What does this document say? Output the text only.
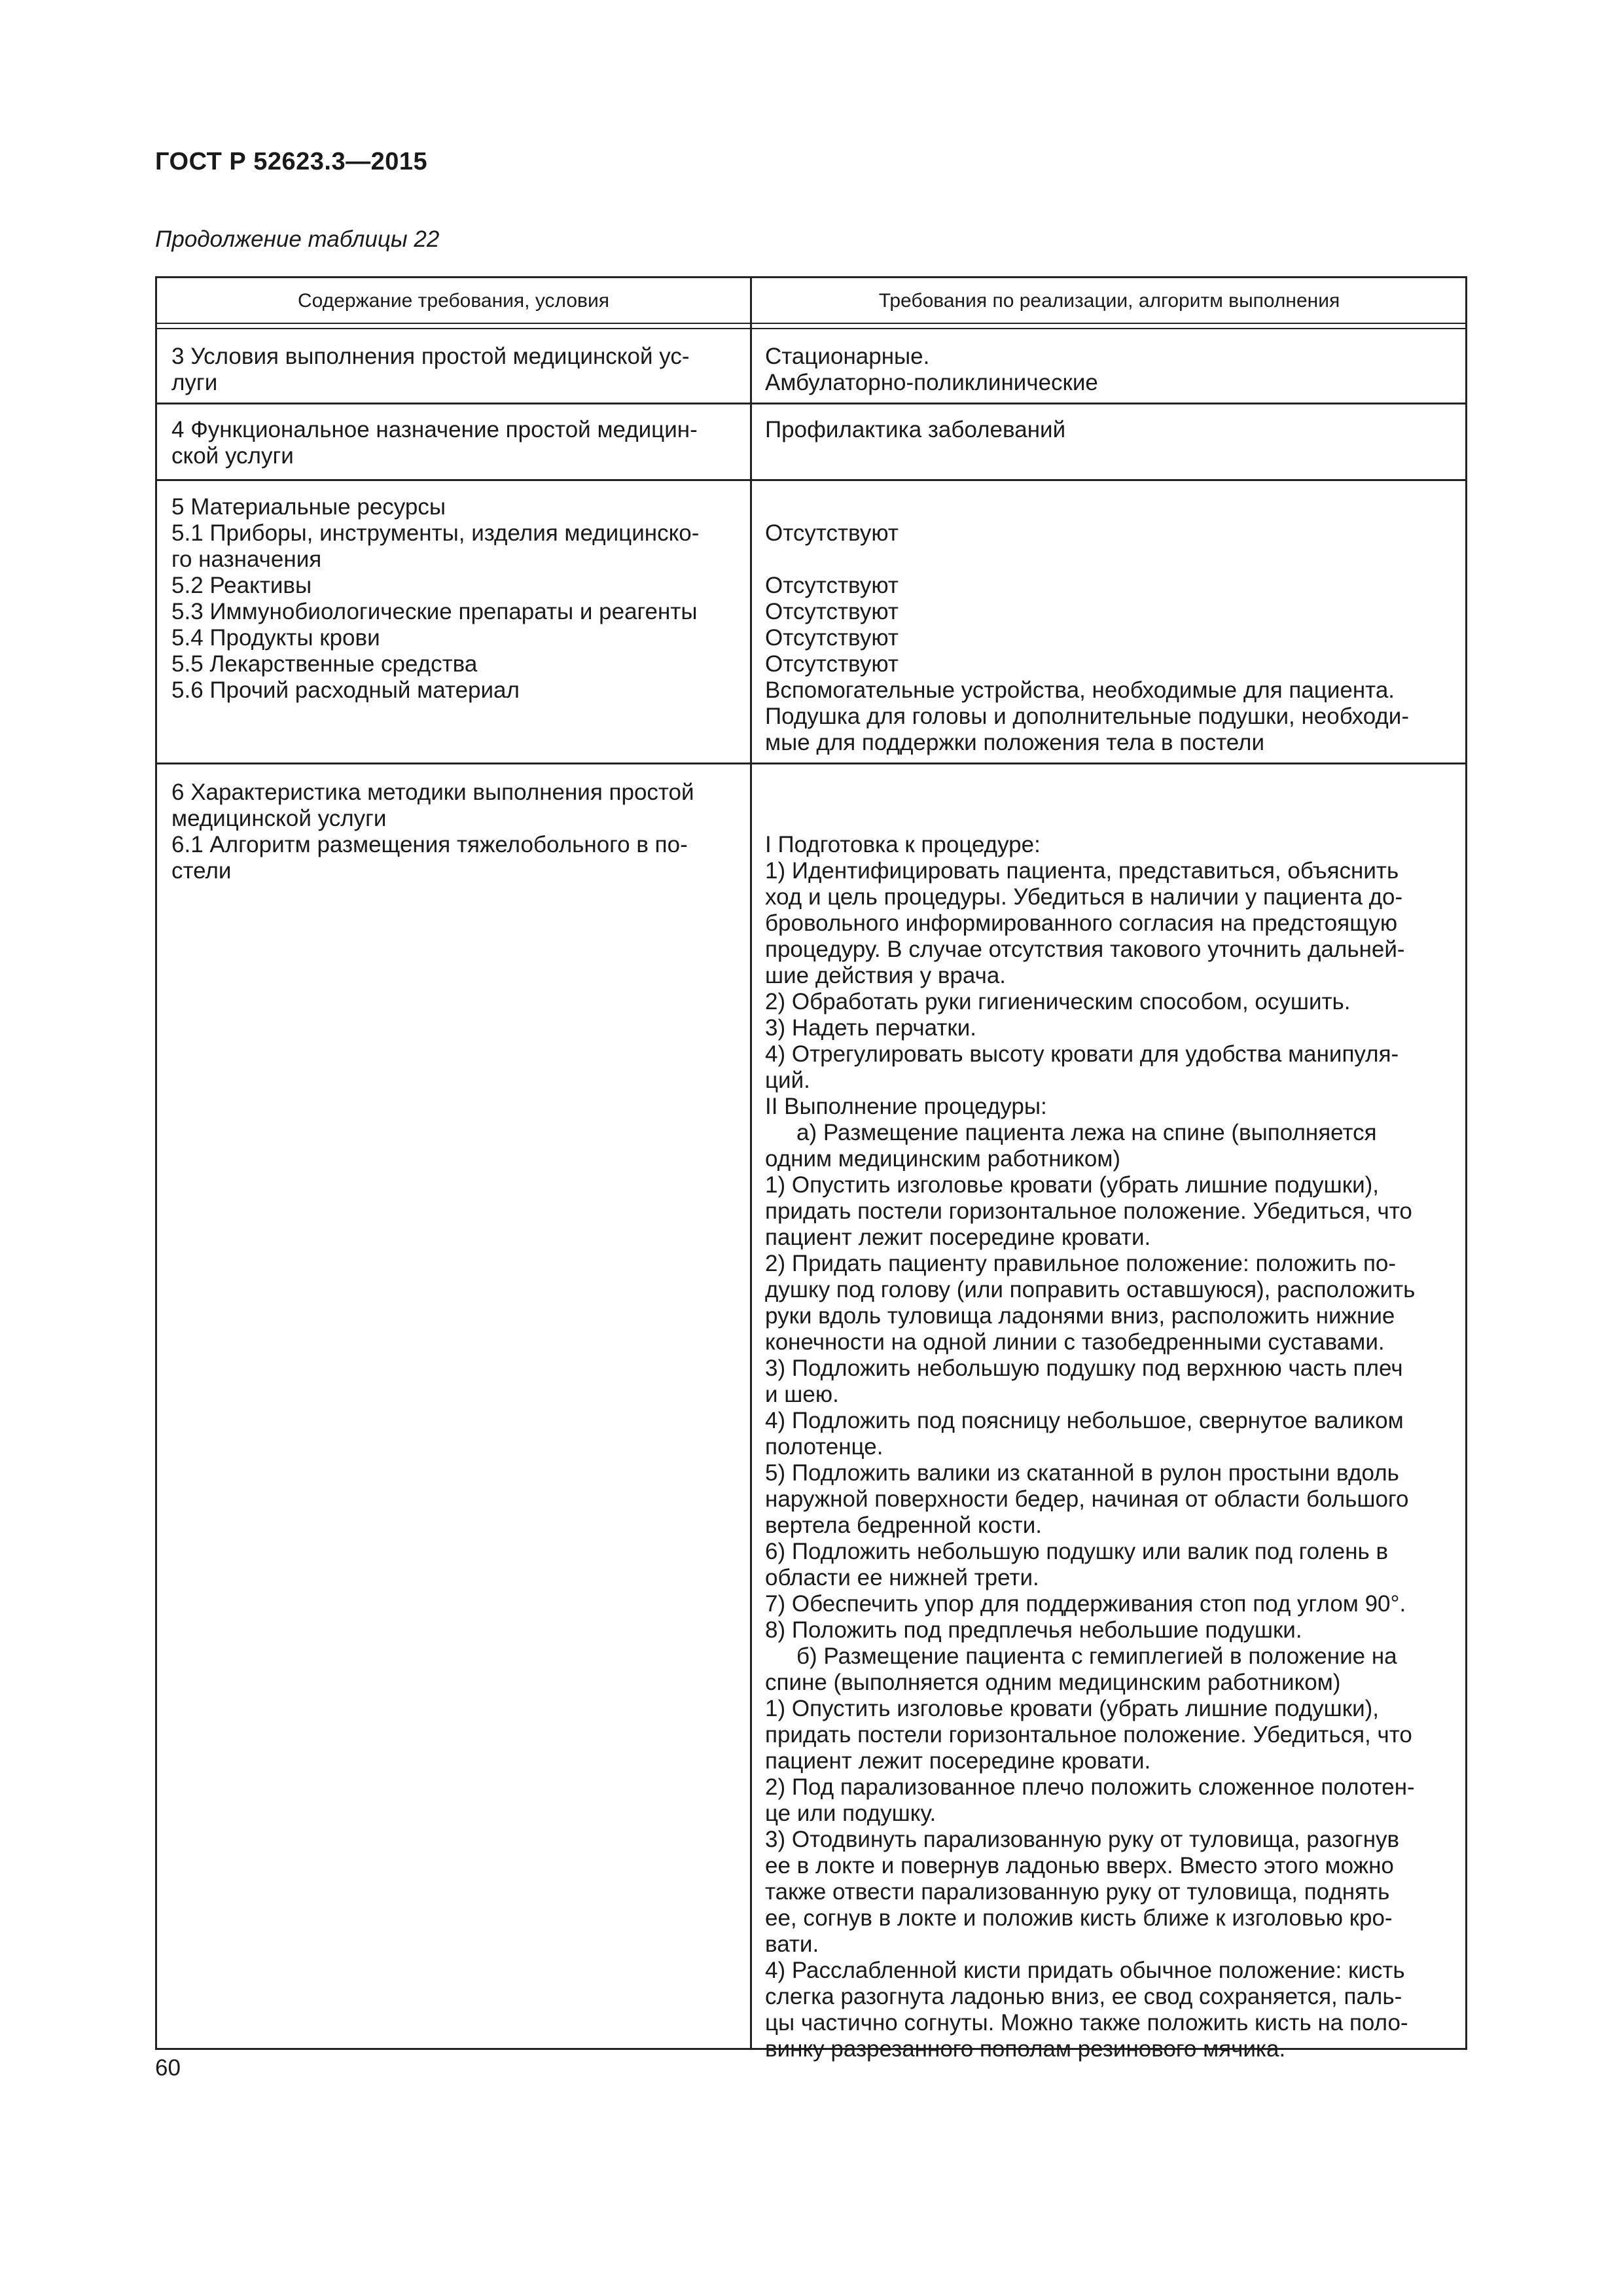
ГОСТ Р 52623.3—2015
Продолжение таблицы 22
Содержание требования, условия	Требования по реализации, алгоритм выполнения
3 Условия выполнения простой медицинской ус-
луги
Стационарные.
Амбулаторно-поликлинические
4 Функциональное назначение простой медицин-
ской услуги
Профилактика заболеваний
5 Материальные ресурсы
5.1 Приборы, инструменты, изделия медицинско-
го назначения
5.2 Реактивы
5.3 Иммунобиологические препараты и реагенты
5.4 Продукты крови
5.5 Лекарственные средства
5.6 Прочий расходный материал
Отсутствуют
Отсутствуют
Отсутствуют
Отсутствуют
Отсутствуют
Вспомогательные устройства, необходимые для пациента.
Подушка для головы и дополнительные подушки, необходи-
мые для поддержки положения тела в постели
6 Характеристика методики выполнения простой
медицинской услуги
6.1 Алгоритм размещения тяжелобольного в по-
стели
I Подготовка к процедуре:
1) Идентифицировать пациента, представиться, объяснить
ход и цель процедуры. Убедиться в наличии у пациента до-
бровольного информированного согласия на предстоящую
процедуру. В случае отсутствия такового уточнить дальней-
шие действия у врача.
2) Обработать руки гигиеническим способом, осушить.
3) Надеть перчатки.
4) Отрегулировать высоту кровати для удобства манипуля-
ций.
II Выполнение процедуры:
а) Размещение пациента лежа на спине (выполняется
одним медицинским работником)
1) Опустить изголовье кровати (убрать лишние подушки),
придать постели горизонтальное положение. Убедиться, что
пациент лежит посередине кровати.
2) Придать пациенту правильное положение: положить по-
душку под голову (или поправить оставшуюся), расположить
руки вдоль туловища ладонями вниз, расположить нижние
конечности на одной линии с тазобедренными суставами.
3) Подложить небольшую подушку под верхнюю часть плеч
и шею.
4) Подложить под поясницу небольшое, свернутое валиком
полотенце.
5) Подложить валики из скатанной в рулон простыни вдоль
наружной поверхности бедер, начиная от области большого
вертела бедренной кости.
6) Подложить небольшую подушку или валик под голень в
области ее нижней трети.
7) Обеспечить упор для поддерживания стоп под углом 90°.
8) Положить под предплечья небольшие подушки.
б) Размещение пациента с гемиплегией в положение на
спине (выполняется одним медицинским работником)
1) Опустить изголовье кровати (убрать лишние подушки),
придать постели горизонтальное положение. Убедиться, что
пациент лежит посередине кровати.
2) Под парализованное плечо положить сложенное полотен-
це или подушку.
3) Отодвинуть парализованную руку от туловища, разогнув
ее в локте и повернув ладонью вверх. Вместо этого можно
также отвести парализованную руку от туловища, поднять
ее, согнув в локте и положив кисть ближе к изголовью кро-
вати.
4) Расслабленной кисти придать обычное положение: кисть
слегка разогнута ладонью вниз, ее свод сохраняется, паль-
цы частично согнуты. Можно также положить кисть на поло-
винку разрезанного пополам резинового мячика.
60
